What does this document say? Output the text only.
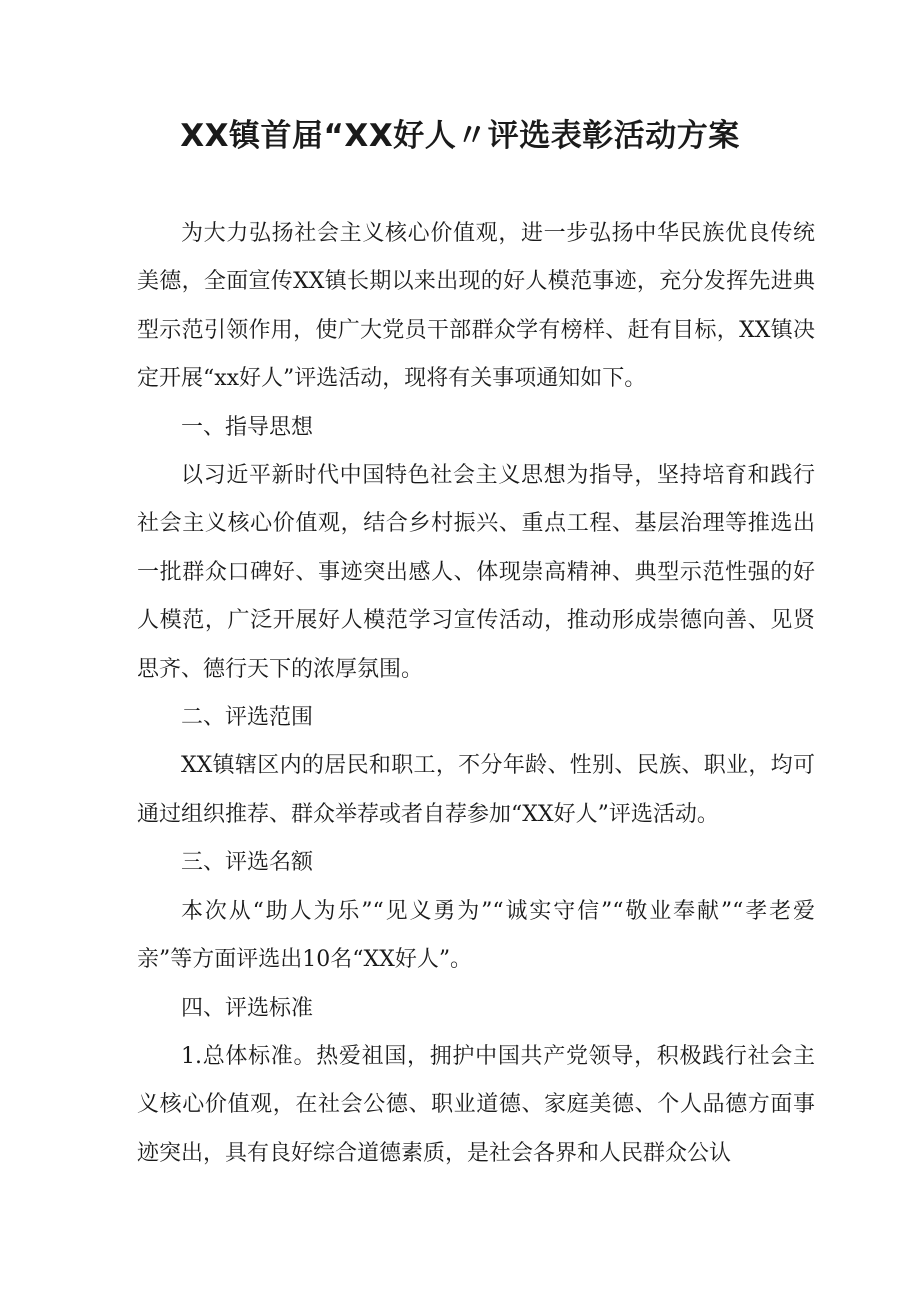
XX镇首届“XX好人〃评选表彰活动方案

为大力弘扬社会主义核心价值观，进一步弘扬中华民族优良传统美德，全面宣传XX镇长期以来出现的好人模范事迹，充分发挥先进典型示范引领作用，使广大党员干部群众学有榜样、赶有目标，XX镇决定开展“xx好人”评选活动，现将有关事项通知如下。

一、指导思想

以习近平新时代中国特色社会主义思想为指导，坚持培育和践行社会主义核心价值观，结合乡村振兴、重点工程、基层治理等推选出一批群众口碑好、事迹突出感人、体现崇高精神、典型示范性强的好人模范，广泛开展好人模范学习宣传活动，推动形成崇德向善、见贤思齐、德行天下的浓厚氛围。

二、评选范围

XX镇辖区内的居民和职工，不分年龄、性别、民族、职业，均可通过组织推荐、群众举荐或者自荐参加“XX好人”评选活动。

三、评选名额

本次从“助人为乐”“见义勇为”“诚实守信”“敬业奉献”“孝老爱亲”等方面评选出10名“XX好人”。

四、评选标准

1.总体标准。热爱祖国，拥护中国共产党领导，积极践行社会主义核心价值观，在社会公德、职业道德、家庭美德、个人品德方面事迹突出，具有良好综合道德素质，是社会各界和人民群众公认
